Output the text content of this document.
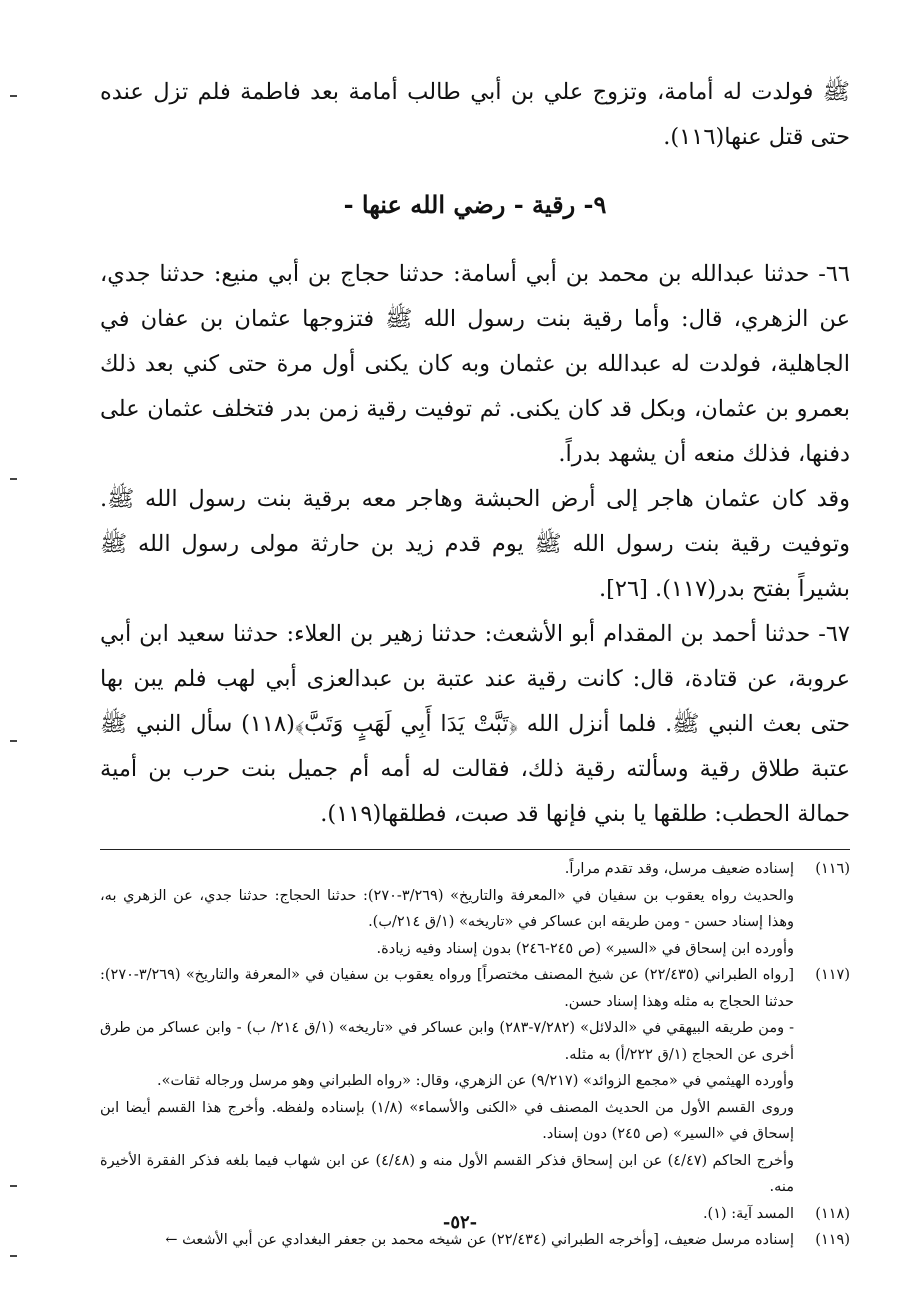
ﷺ فولدت له أمامة، وتزوج علي بن أبي طالب أمامة بعد فاطمة فلم تزل عنده حتى قتل عنها(١١٦).

٩- رقية - رضي الله عنها -

٦٦- حدثنا عبدالله بن محمد بن أبي أسامة: حدثنا حجاج بن أبي منيع: حدثنا جدي، عن الزهري، قال: وأما رقية بنت رسول الله ﷺ فتزوجها عثمان بن عفان في الجاهلية، فولدت له عبدالله بن عثمان وبه كان يكنى أول مرة حتى كني بعد ذلك بعمرو بن عثمان، وبكل قد كان يكنى. ثم توفيت رقية زمن بدر فتخلف عثمان على دفنها، فذلك منعه أن يشهد بدراً.

وقد كان عثمان هاجر إلى أرض الحبشة وهاجر معه برقية بنت رسول الله ﷺ. وتوفيت رقية بنت رسول الله ﷺ يوم قدم زيد بن حارثة مولى رسول الله ﷺ بشيراً بفتح بدر(١١٧). [٢٦].

٦٧- حدثنا أحمد بن المقدام أبو الأشعث: حدثنا زهير بن العلاء: حدثنا سعيد ابن أبي عروبة، عن قتادة، قال: كانت رقية عند عتبة بن عبدالعزى أبي لهب فلم يبن بها حتى بعث النبي ﷺ. فلما أنزل الله ﴿تَبَّتْ يَدَا أَبِي لَهَبٍ وَتَبَّ﴾(١١٨) سأل النبي ﷺ عتبة طلاق رقية وسألته رقية ذلك، فقالت له أمه أم جميل بنت حرب بن أمية حمالة الحطب: طلقها يا بني فإنها قد صبت، فطلقها(١١٩).

(١١٦)
إسناده ضعيف مرسل، وقد تقدم مراراً.
والحديث رواه يعقوب بن سفيان في «المعرفة والتاريخ» (٣/٢٦٩-٢٧٠): حدثنا الحجاج: حدثنا جدي، عن الزهري به، وهذا إسناد حسن - ومن طريقه ابن عساكر في «تاريخه» (١/ق ٢١٤/ب).
وأورده ابن إسحاق في «السير» (ص ٢٤٥-٢٤٦) بدون إسناد وفيه زيادة.
(١١٧)
[رواه الطبراني (٢٢/٤٣٥) عن شيخ المصنف مختصراً] ورواه يعقوب بن سفيان في «المعرفة والتاريخ» (٣/٢٦٩-٢٧٠): حدثنا الحجاج به مثله وهذا إسناد حسن.
- ومن طريقه البيهقي في «الدلائل» (٧/٢٨٢-٢٨٣) وابن عساكر في «تاريخه» (١/ق ٢١٤/ ب) - وابن عساكر من طرق أخرى عن الحجاج (١/ق ٢٢٢/أ) به مثله.
وأورده الهيثمي في «مجمع الزوائد» (٩/٢١٧) عن الزهري، وقال: «رواه الطبراني وهو مرسل ورجاله ثقات».
وروى القسم الأول من الحديث المصنف في «الكنى والأسماء» (١/٨) بإسناده ولفظه. وأخرج هذا القسم أيضا ابن إسحاق في «السير» (ص ٢٤٥) دون إسناد.
وأخرج الحاكم (٤/٤٧) عن ابن إسحاق فذكر القسم الأول منه و (٤/٤٨) عن ابن شهاب فيما بلغه فذكر الفقرة الأخيرة منه.
(١١٨)
المسد آية: (١).
(١١٩)
إسناده مرسل ضعيف، [وأخرجه الطبراني (٢٢/٤٣٤) عن شيخه محمد بن جعفر البغدادي عن أبي الأشعث ←
-٥٢-
